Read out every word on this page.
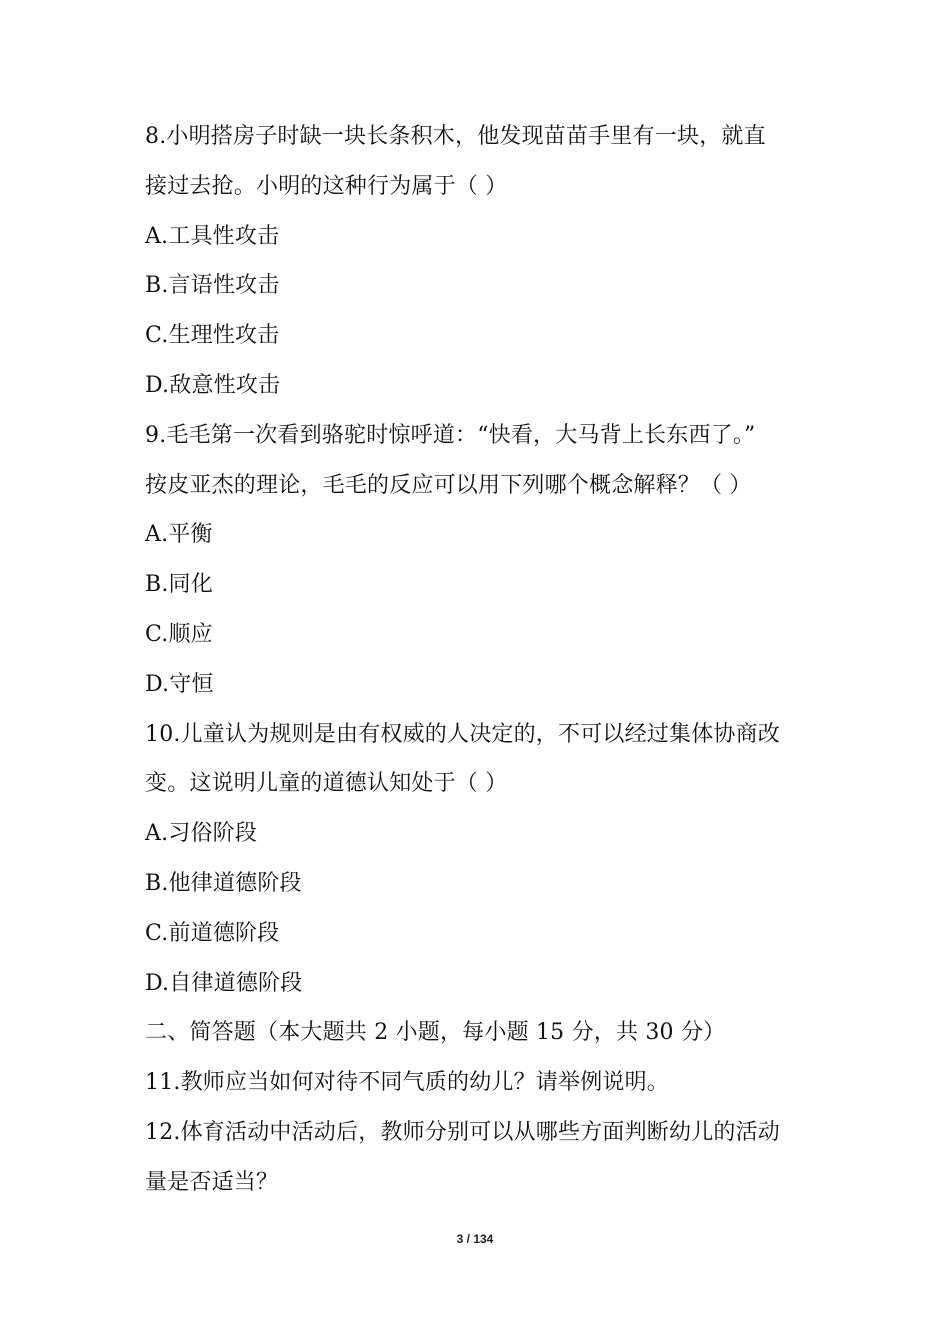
8.小明搭房子时缺一块长条积木，他发现苗苗手里有一块，就直
接过去抢。小明的这种行为属于（ ）
A.工具性攻击
B.言语性攻击
C.生理性攻击
D.敌意性攻击
9.毛毛第一次看到骆驼时惊呼道：“快看，大马背上长东西了。”
按皮亚杰的理论，毛毛的反应可以用下列哪个概念解释？（ ）
A.平衡
B.同化
C.顺应
D.守恒
10.儿童认为规则是由有权威的人决定的，不可以经过集体协商改
变。这说明儿童的道德认知处于（ ）
A.习俗阶段
B.他律道德阶段
C.前道德阶段
D.自律道德阶段
二、简答题（本大题共 2 小题，每小题 15 分，共 30 分）
11.教师应当如何对待不同气质的幼儿？请举例说明。
12.体育活动中活动后，教师分别可以从哪些方面判断幼儿的活动
量是否适当？
3 / 134
